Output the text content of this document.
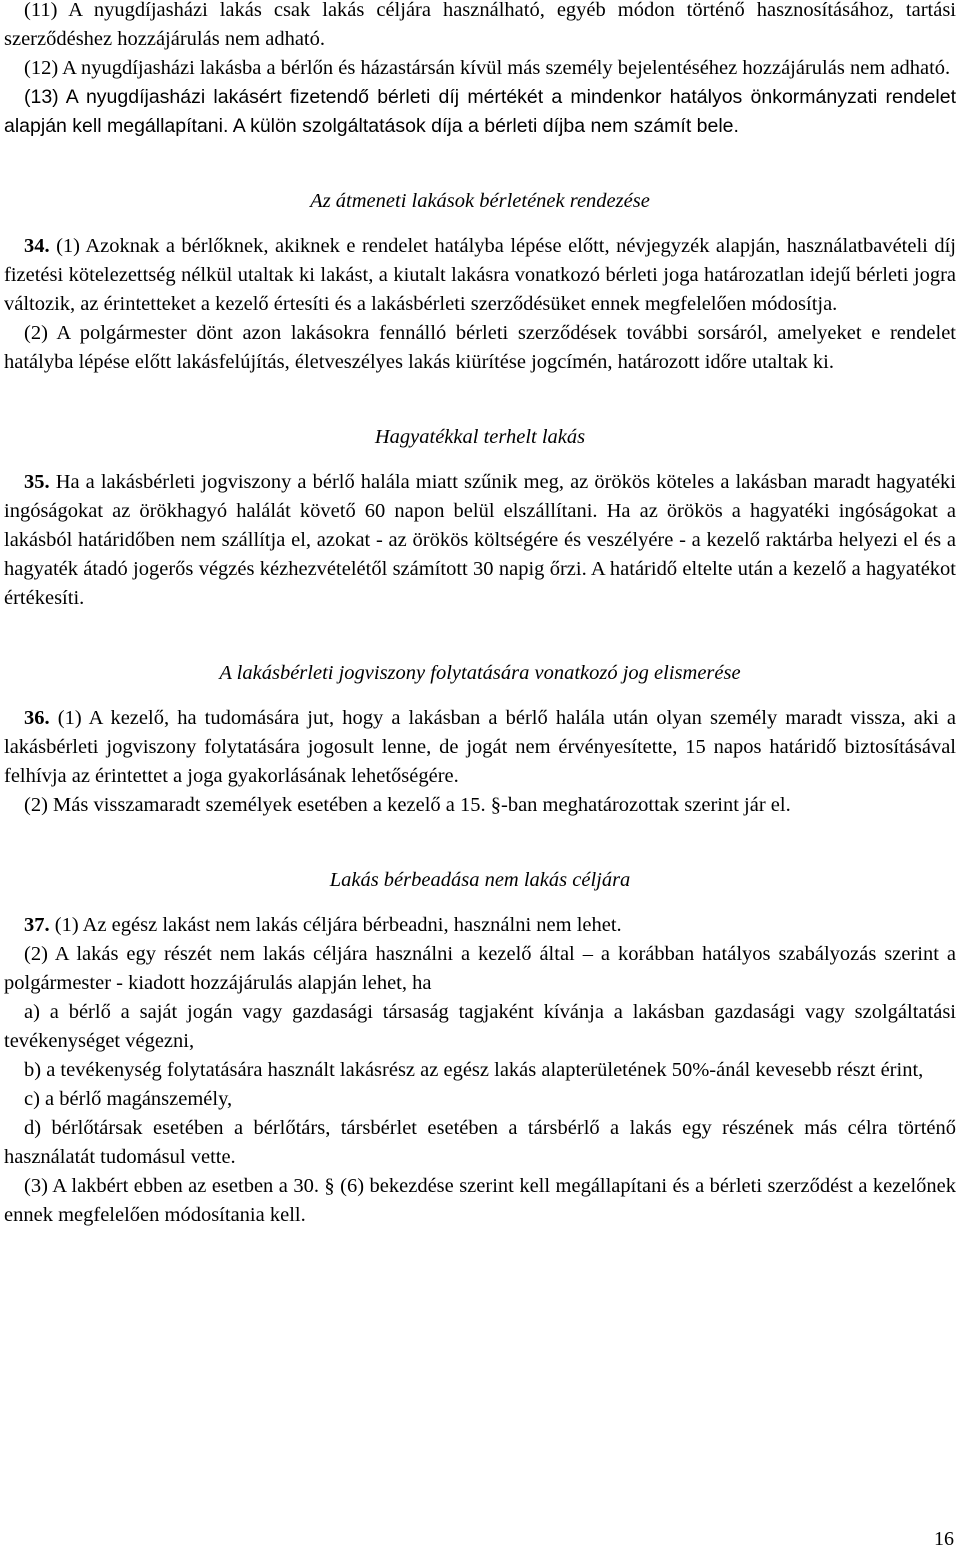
(11) A nyugdíjasházi lakás csak lakás céljára használható, egyéb módon történő hasznosításához, tartási szerződéshez hozzájárulás nem adható.

(12) A nyugdíjasházi lakásba a bérlőn és házastársán kívül más személy bejelentéséhez hozzájárulás nem adható.

(13) A nyugdíjasházi lakásért fizetendő bérleti díj mértékét a mindenkor hatályos önkormányzati rendelet alapján kell megállapítani. A külön szolgáltatások díja a bérleti díjba nem számít bele.

Az átmeneti lakások bérletének rendezése

34. (1) Azoknak a bérlőknek, akiknek e rendelet hatályba lépése előtt, névjegyzék alapján, használatbavételi díj fizetési kötelezettség nélkül utaltak ki lakást, a kiutalt lakásra vonatkozó bérleti joga határozatlan idejű bérleti jogra változik, az érintetteket a kezelő értesíti és a lakásbérleti szerződésüket ennek megfelelően módosítja.

(2) A polgármester dönt azon lakásokra fennálló bérleti szerződések további sorsáról, amelyeket e rendelet hatályba lépése előtt lakásfelújítás, életveszélyes lakás kiürítése jogcímén, határozott időre utaltak ki.

Hagyatékkal terhelt lakás

35. Ha a lakásbérleti jogviszony a bérlő halála miatt szűnik meg, az örökös köteles a lakásban maradt hagyatéki ingóságokat az örökhagyó halálát követő 60 napon belül elszállítani. Ha az örökös a hagyatéki ingóságokat a lakásból határidőben nem szállítja el, azokat - az örökös költségére és veszélyére - a kezelő raktárba helyezi el és a hagyaték átadó jogerős végzés kézhezvételétől számított 30 napig őrzi. A határidő eltelte után a kezelő a hagyatékot értékesíti.

A lakásbérleti jogviszony folytatására vonatkozó jog elismerése

36. (1) A kezelő, ha tudomására jut, hogy a lakásban a bérlő halála után olyan személy maradt vissza, aki a lakásbérleti jogviszony folytatására jogosult lenne, de jogát nem érvényesítette, 15 napos határidő biztosításával felhívja az érintettet a joga gyakorlásának lehetőségére.

(2) Más visszamaradt személyek esetében a kezelő a 15. §-ban meghatározottak szerint jár el.

Lakás bérbeadása nem lakás céljára

37. (1) Az egész lakást nem lakás céljára bérbeadni, használni nem lehet.

(2) A lakás egy részét nem lakás céljára használni a kezelő által – a korábban hatályos szabályozás szerint a polgármester - kiadott hozzájárulás alapján lehet, ha

a) a bérlő a saját jogán vagy gazdasági társaság tagjaként kívánja a lakásban gazdasági vagy szolgáltatási tevékenységet végezni,

b) a tevékenység folytatására használt lakásrész az egész lakás alapterületének 50%-ánál kevesebb részt érint,

c) a bérlő magánszemély,

d) bérlőtársak esetében a bérlőtárs, társbérlet esetében a társbérlő a lakás egy részének más célra történő használatát tudomásul vette.

(3) A lakbért ebben az esetben a 30. § (6) bekezdése szerint kell megállapítani és a bérleti szerződést a kezelőnek ennek megfelelően módosítania kell.

16
